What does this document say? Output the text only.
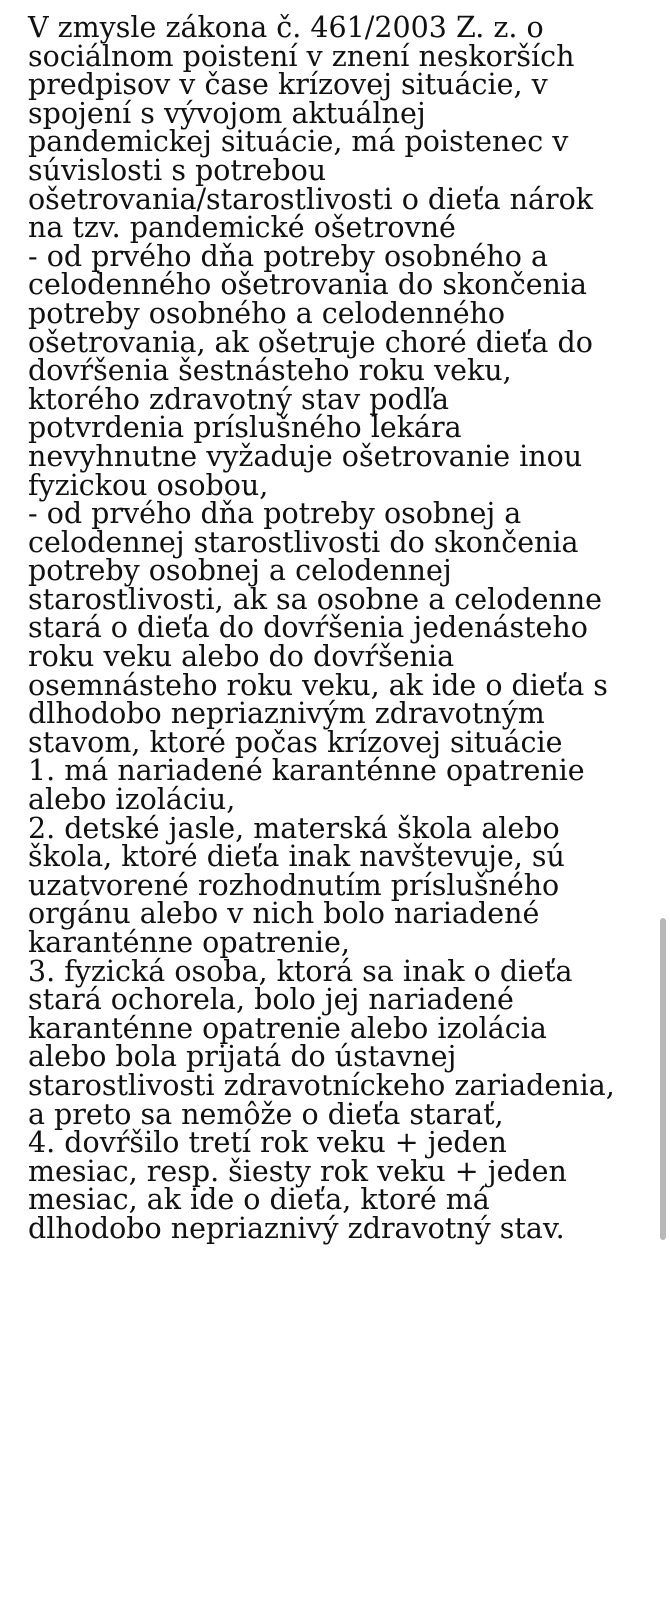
V zmysle zákona č. 461/2003 Z. z. o
sociálnom poistení v znení neskorších
predpisov v čase krízovej situácie, v
spojení s vývojom aktuálnej
pandemickej situácie, má poistenec v
súvislosti s potrebou
ošetrovania/starostlivosti o dieťa nárok
na tzv. pandemické ošetrovné
- od prvého dňa potreby osobného a
celodenného ošetrovania do skončenia
potreby osobného a celodenného
ošetrovania, ak ošetruje choré dieťa do
dovŕšenia šestnásteho roku veku,
ktorého zdravotný stav podľa
potvrdenia príslušného lekára
nevyhnutne vyžaduje ošetrovanie inou
fyzickou osobou,
- od prvého dňa potreby osobnej a
celodennej starostlivosti do skončenia
potreby osobnej a celodennej
starostlivosti, ak sa osobne a celodenne
stará o dieťa do dovŕšenia jedenásteho
roku veku alebo do dovŕšenia
osemnásteho roku veku, ak ide o dieťa s
dlhodobo nepriaznivým zdravotným
stavom, ktoré počas krízovej situácie
1. má nariadené karanténne opatrenie
alebo izoláciu,
2. detské jasle, materská škola alebo
škola, ktoré dieťa inak navštevuje, sú
uzatvorené rozhodnutím príslušného
orgánu alebo v nich bolo nariadené
karanténne opatrenie,
3. fyzická osoba, ktorá sa inak o dieťa
stará ochorela, bolo jej nariadené
karanténne opatrenie alebo izolácia
alebo bola prijatá do ústavnej
starostlivosti zdravotníckeho zariadenia,
a preto sa nemôže o dieťa starať,
4. dovŕšilo tretí rok veku + jeden
mesiac, resp. šiesty rok veku + jeden
mesiac, ak ide o dieťa, ktoré má
dlhodobo nepriaznivý zdravotný stav.
